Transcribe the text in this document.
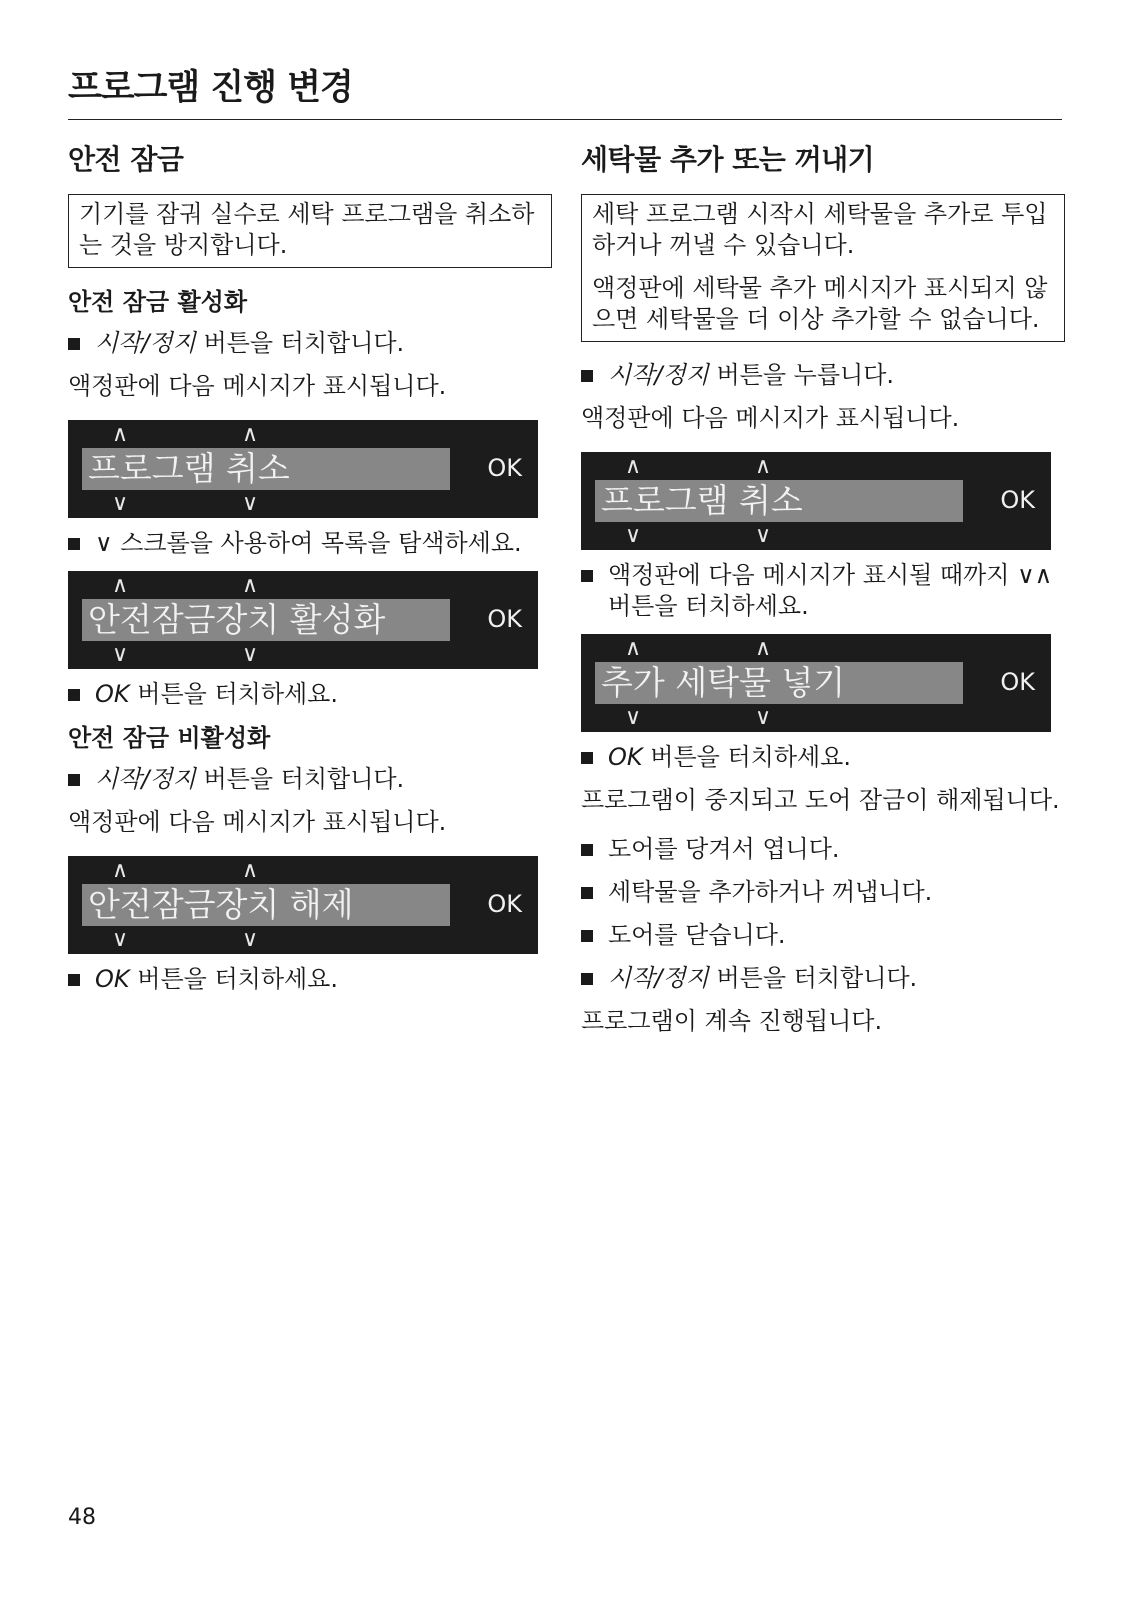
프로그램 진행 변경
안전 잠금

기기를 잠궈 실수로 세탁 프로그램을 취소하는 것을 방지합니다.

안전 잠금 활성화
시작/정지 버튼을 터치합니다.
액정판에 다음 메시지가 표시됩니다.
∧	∧
프로그램 취소	OK
∨	∨
∨ 스크롤을 사용하여 목록을 탐색하세요.
∧	∧
안전잠금장치 활성화	OK
∨	∨
OK 버튼을 터치하세요.
안전 잠금 비활성화
시작/정지 버튼을 터치합니다.
액정판에 다음 메시지가 표시됩니다.
∧	∧
안전잠금장치 해제	OK
∨	∨
OK 버튼을 터치하세요.
세탁물 추가 또는 꺼내기

세탁 프로그램 시작시 세탁물을 추가로 투입하거나 꺼낼 수 있습니다.

액정판에 세탁물 추가 메시지가 표시되지 않으면 세탁물을 더 이상 추가할 수 없습니다.

시작/정지 버튼을 누릅니다.
액정판에 다음 메시지가 표시됩니다.
∧	∧
프로그램 취소	OK
∨	∨
액정판에 다음 메시지가 표시될 때까지 ∨∧ 버튼을 터치하세요.
∧	∧
추가 세탁물 넣기	OK
∨	∨
OK 버튼을 터치하세요.
프로그램이 중지되고 도어 잠금이 해제됩니다.
도어를 당겨서 엽니다.
세탁물을 추가하거나 꺼냅니다.
도어를 닫습니다.
시작/정지 버튼을 터치합니다.
프로그램이 계속 진행됩니다.
48
